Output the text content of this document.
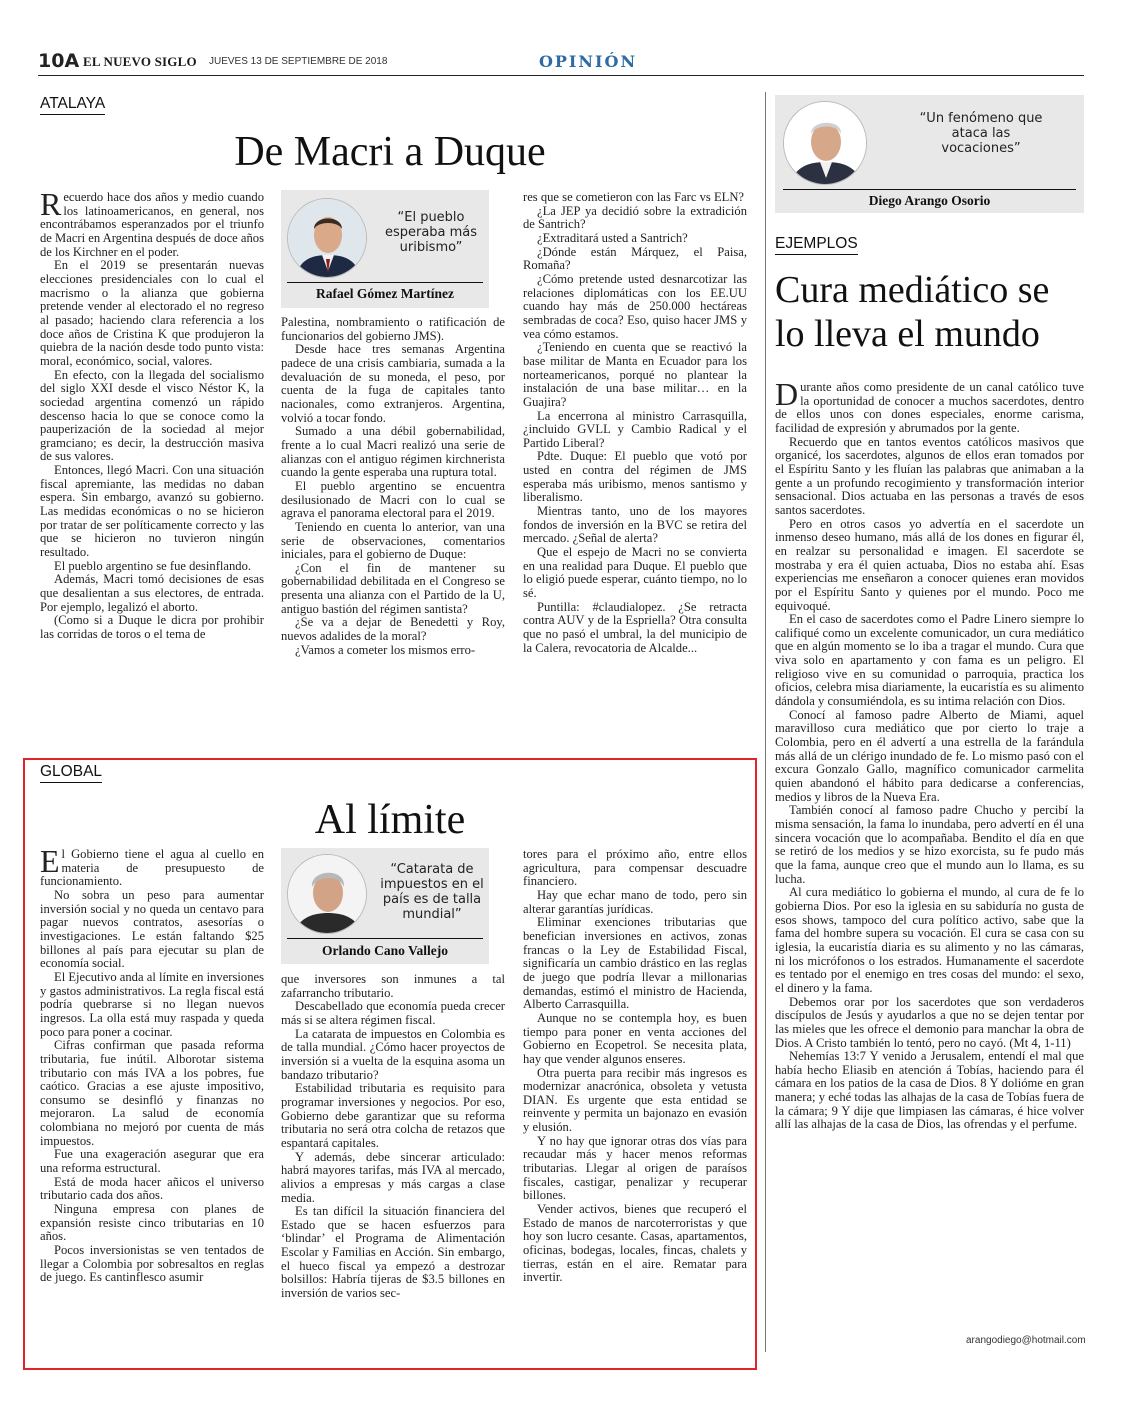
10A EL NUEVO SIGLO JUEVES 13 DE SEPTIEMBRE DE 2018	OPINIÓN
ATALAYA
De Macri a Duque

Recuerdo hace dos años y medio cuando los latinoamericanos, en general, nos encontrábamos esperanzados por el triunfo de Macri en Argentina después de doce años de los Kirchner en el poder.

En el 2019 se presentarán nuevas elecciones presidenciales con lo cual el macrismo o la alianza que gobierna pretende vender al electorado el no regreso al pasado; haciendo clara referencia a los doce años de Cristina K que produjeron la quiebra de la nación desde todo punto vista: moral, económico, social, valores.

En efecto, con la llegada del socialismo del siglo XXI desde el visco Néstor K, la sociedad argentina comenzó un rápido descenso hacia lo que se conoce como la pauperización de la sociedad al mejor gramciano; es decir, la destrucción masiva de sus valores.

Entonces, llegó Macri. Con una situación fiscal apremiante, las medidas no daban espera. Sin embargo, avanzó su gobierno. Las medidas económicas o no se hicieron por tratar de ser políticamente correcto y las que se hicieron no tuvieron ningún resultado.

El pueblo argentino se fue desinflando.

Además, Macri tomó decisiones de esas que desalientan a sus electores, de entrada. Por ejemplo, legalizó el aborto.

(Como si a Duque le dicra por prohibir las corridas de toros o el tema de

“El pueblo esperaba más uribismo”
Rafael Gómez Martínez

Palestina, nombramiento o ratificación de funcionarios del gobierno JMS).

Desde hace tres semanas Argentina padece de una crisis cambiaria, sumada a la devaluación de su moneda, el peso, por cuenta de la fuga de capitales tanto nacionales, como extranjeros. Argentina, volvió a tocar fondo.

Sumado a una débil gobernabilidad, frente a lo cual Macri realizó una serie de alianzas con el antiguo régimen kirchnerista cuando la gente esperaba una ruptura total.

El pueblo argentino se encuentra desilusionado de Macri con lo cual se agrava el panorama electoral para el 2019.

Teniendo en cuenta lo anterior, van una serie de observaciones, comentarios iniciales, para el gobierno de Duque:

¿Con el fin de mantener su gobernabilidad debilitada en el Congreso se presenta una alianza con el Partido de la U, antiguo bastión del régimen santista?

¿Se va a dejar de Benedetti y Roy, nuevos adalides de la moral?

¿Vamos a cometer los mismos erro-

res que se cometieron con las Farc vs ELN?

¿La JEP ya decidió sobre la extradición de Santrich?

¿Extraditará usted a Santrich?

¿Dónde están Márquez, el Paisa, Romaña?

¿Cómo pretende usted desnarcotizar las relaciones diplomáticas con los EE.UU cuando hay más de 250.000 hectáreas sembradas de coca? Eso, quiso hacer JMS y vea cómo estamos.

¿Teniendo en cuenta que se reactivó la base militar de Manta en Ecuador para los norteamericanos, porqué no plantear la instalación de una base militar… en la Guajira?

La encerrona al ministro Carrasquilla, ¿incluido GVLL y Cambio Radical y el Partido Liberal?

Pdte. Duque: El pueblo que votó por usted en contra del régimen de JMS esperaba más uribismo, menos santismo y liberalismo.

Mientras tanto, uno de los mayores fondos de inversión en la BVC se retira del mercado. ¿Señal de alerta?

Que el espejo de Macri no se convierta en una realidad para Duque. El pueblo que lo eligió puede esperar, cuánto tiempo, no lo sé.

Puntilla: #claudialopez. ¿Se retracta contra AUV y de la Espriella? Otra consulta que no pasó el umbral, la del municipio de la Calera, revocatoria de Alcalde...

GLOBAL
Al límite

El Gobierno tiene el agua al cuello en materia de presupuesto de funcionamiento.

No sobra un peso para aumentar inversión social y no queda un centavo para pagar nuevos contratos, asesorías o investigaciones. Le están faltando $25 billones al país para ejecutar su plan de economía social.

El Ejecutivo anda al límite en inversiones y gastos administrativos. La regla fiscal está podría quebrarse si no llegan nuevos ingresos. La olla está muy raspada y queda poco para poner a cocinar.

Cifras confirman que pasada reforma tributaria, fue inútil. Alborotar sistema tributario con más IVA a los pobres, fue caótico. Gracias a ese ajuste impositivo, consumo se desinfló y finanzas no mejoraron. La salud de economía colombiana no mejoró por cuenta de más impuestos.

Fue una exageración asegurar que era una reforma estructural.

Está de moda hacer añicos el universo tributario cada dos años.

Ninguna empresa con planes de expansión resiste cinco tributarias en 10 años.

Pocos inversionistas se ven tentados de llegar a Colombia por sobresaltos en reglas de juego. Es cantinflesco asumir

“Catarata de impuestos en el país es de talla mundial”
Orlando Cano Vallejo

que inversores son inmunes a tal zafarrancho tributario.

Descabellado que economía pueda crecer más si se altera régimen fiscal.

La catarata de impuestos en Colombia es de talla mundial. ¿Cómo hacer proyectos de inversión si a vuelta de la esquina asoma un bandazo tributario?

Estabilidad tributaria es requisito para programar inversiones y negocios. Por eso, Gobierno debe garantizar que su reforma tributaria no será otra colcha de retazos que espantará capitales.

Y además, debe sincerar articulado: habrá mayores tarifas, más IVA al mercado, alivios a empresas y más cargas a clase media.

Es tan difícil la situación financiera del Estado que se hacen esfuerzos para ‘blindar’ el Programa de Alimentación Escolar y Familias en Acción. Sin embargo, el hueco fiscal ya empezó a destrozar bolsillos: Habría tijeras de $3.5 billones en inversión de varios sec-

tores para el próximo año, entre ellos agricultura, para compensar descuadre financiero.

Hay que echar mano de todo, pero sin alterar garantías jurídicas.

Eliminar exenciones tributarias que benefician inversiones en activos, zonas francas o la Ley de Estabilidad Fiscal, significaría un cambio drástico en las reglas de juego que podría llevar a millonarias demandas, estimó el ministro de Hacienda, Alberto Carrasquilla.

Aunque no se contempla hoy, es buen tiempo para poner en venta acciones del Gobierno en Ecopetrol. Se necesita plata, hay que vender algunos enseres.

Otra puerta para recibir más ingresos es modernizar anacrónica, obsoleta y vetusta DIAN. Es urgente que esta entidad se reinvente y permita un bajonazo en evasión y elusión.

Y no hay que ignorar otras dos vías para recaudar más y hacer menos reformas tributarias. Llegar al origen de paraísos fiscales, castigar, penalizar y recuperar billones.

Vender activos, bienes que recuperó el Estado de manos de narcoterroristas y que hoy son lucro cesante. Casas, apartamentos, oficinas, bodegas, locales, fincas, chalets y tierras, están en el aire. Rematar para invertir.

“Un fenómeno que ataca las vocaciones”
Diego Arango Osorio
EJEMPLOS
Cura mediático se lo lleva el mundo

Durante años como presidente de un canal católico tuve la oportunidad de conocer a muchos sacerdotes, dentro de ellos unos con dones especiales, enorme carisma, facilidad de expresión y abrumados por la gente.

Recuerdo que en tantos eventos católicos masivos que organicé, los sacerdotes, algunos de ellos eran tomados por el Espíritu Santo y les fluían las palabras que animaban a la gente a un profundo recogimiento y transformación interior sensacional. Dios actuaba en las personas a través de esos santos sacerdotes.

Pero en otros casos yo advertía en el sacerdote un inmenso deseo humano, más allá de los dones en figurar él, en realzar su personalidad e imagen. El sacerdote se mostraba y era él quien actuaba, Dios no estaba ahí. Esas experiencias me enseñaron a conocer quienes eran movidos por el Espíritu Santo y quienes por el mundo. Poco me equivoqué.

En el caso de sacerdotes como el Padre Linero siempre lo califiqué como un excelente comunicador, un cura mediático que en algún momento se lo iba a tragar el mundo. Cura que viva solo en apartamento y con fama es un peligro. El religioso vive en su comunidad o parroquia, practica los oficios, celebra misa diariamente, la eucaristía es su alimento dándola y consumiéndola, es su intima relación con Dios.

Conocí al famoso padre Alberto de Miami, aquel maravilloso cura mediático que por cierto lo traje a Colombia, pero en él advertí a una estrella de la farándula más allá de un clérigo inundado de fe. Lo mismo pasó con el excura Gonzalo Gallo, magnífico comunicador carmelita quien abandonó el hábito para dedicarse a conferencias, medios y libros de la Nueva Era.

También conocí al famoso padre Chucho y percibí la misma sensación, la fama lo inundaba, pero advertí en él una sincera vocación que lo acompañaba. Bendito el día en que se retiró de los medios y se hizo exorcista, su fe pudo más que la fama, aunque creo que el mundo aun lo llama, es su lucha.

Al cura mediático lo gobierna el mundo, al cura de fe lo gobierna Dios. Por eso la iglesia en su sabiduría no gusta de esos shows, tampoco del cura político activo, sabe que la fama del hombre supera su vocación. El cura se casa con su iglesia, la eucaristía diaria es su alimento y no las cámaras, ni los micrófonos o los estrados. Humanamente el sacerdote es tentado por el enemigo en tres cosas del mundo: el sexo, el dinero y la fama.

Debemos orar por los sacerdotes que son verdaderos discípulos de Jesús y ayudarlos a que no se dejen tentar por las mieles que les ofrece el demonio para manchar la obra de Dios. A Cristo también lo tentó, pero no cayó. (Mt 4, 1-11)

Nehemías 13:7 Y venido a Jerusalem, entendí el mal que había hecho Eliasib en atención á Tobías, haciendo para él cámara en los patios de la casa de Dios. 8 Y dolióme en gran manera; y eché todas las alhajas de la casa de Tobías fuera de la cámara; 9 Y dije que limpiasen las cámaras, é hice volver allí las alhajas de la casa de Dios, las ofrendas y el perfume.

arangodiego@hotmail.com
